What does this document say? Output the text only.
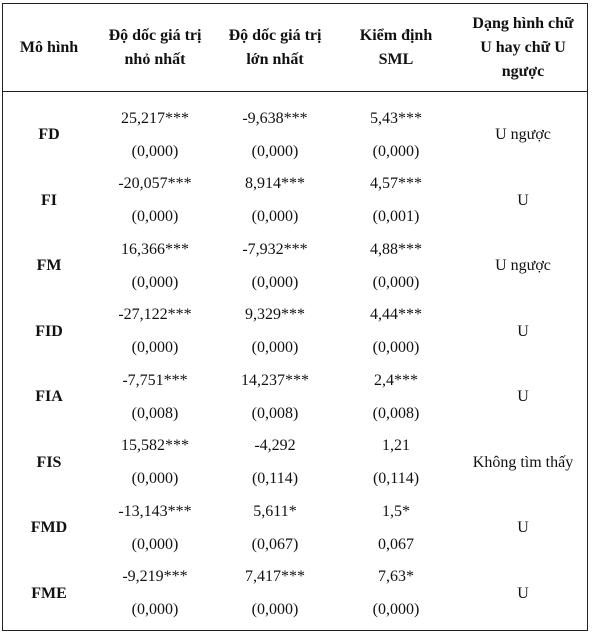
Mô hình
Độ dốc giá trị
nhỏ nhất
Độ dốc giá trị
lớn nhất
Kiểm định
SML
Dạng hình chữ
U hay chữ U
ngược
FD
25,217***
(0,000)
-9,638***
(0,000)
5,43***
(0,000)
U ngược
FI
-20,057***
(0,000)
8,914***
(0,000)
4,57***
(0,001)
U
FM
16,366***
(0,000)
-7,932***
(0,000)
4,88***
(0,000)
U ngược
FID
-27,122***
(0,000)
9,329***
(0,000)
4,44***
(0,000)
U
FIA
-7,751***
(0,008)
14,237***
(0,008)
2,4***
(0,008)
U
FIS
15,582***
(0,000)
-4,292
(0,114)
1,21
(0,114)
Không tìm thấy
FMD
-13,143***
(0,000)
5,611*
(0,067)
1,5*
0,067
U
FME
-9,219***
(0,000)
7,417***
(0,000)
7,63*
(0,000)
U
